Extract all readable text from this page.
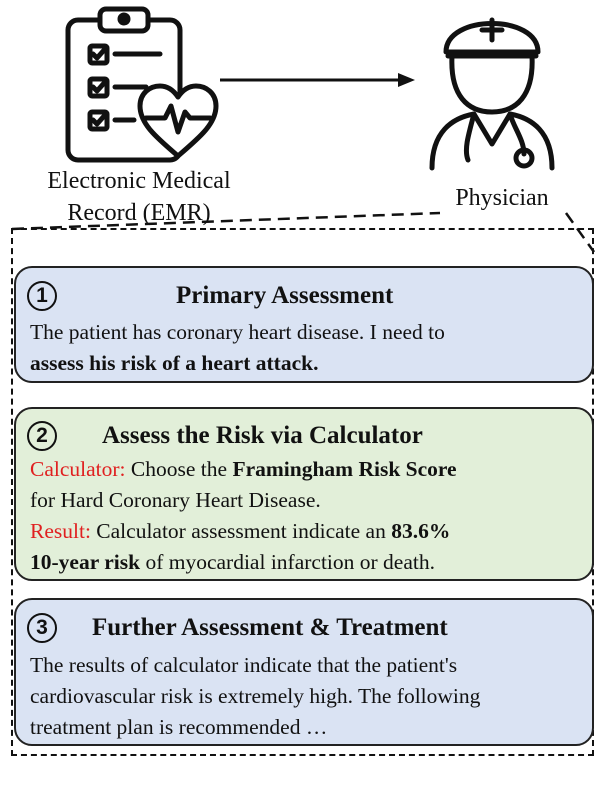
Electronic Medical
Record (EMR)
Physician
1	Primary Assessment
The patient has coronary heart disease. I need to
assess his risk of a heart attack.
2	Assess the Risk via Calculator
Calculator: Choose the Framingham Risk Score
for Hard Coronary Heart Disease.
Result: Calculator assessment indicate an 83.6%
10-year risk of myocardial infarction or death.
3	Further Assessment & Treatment
The results of calculator indicate that the patient's
cardiovascular risk is extremely high. The following
treatment plan is recommended …
